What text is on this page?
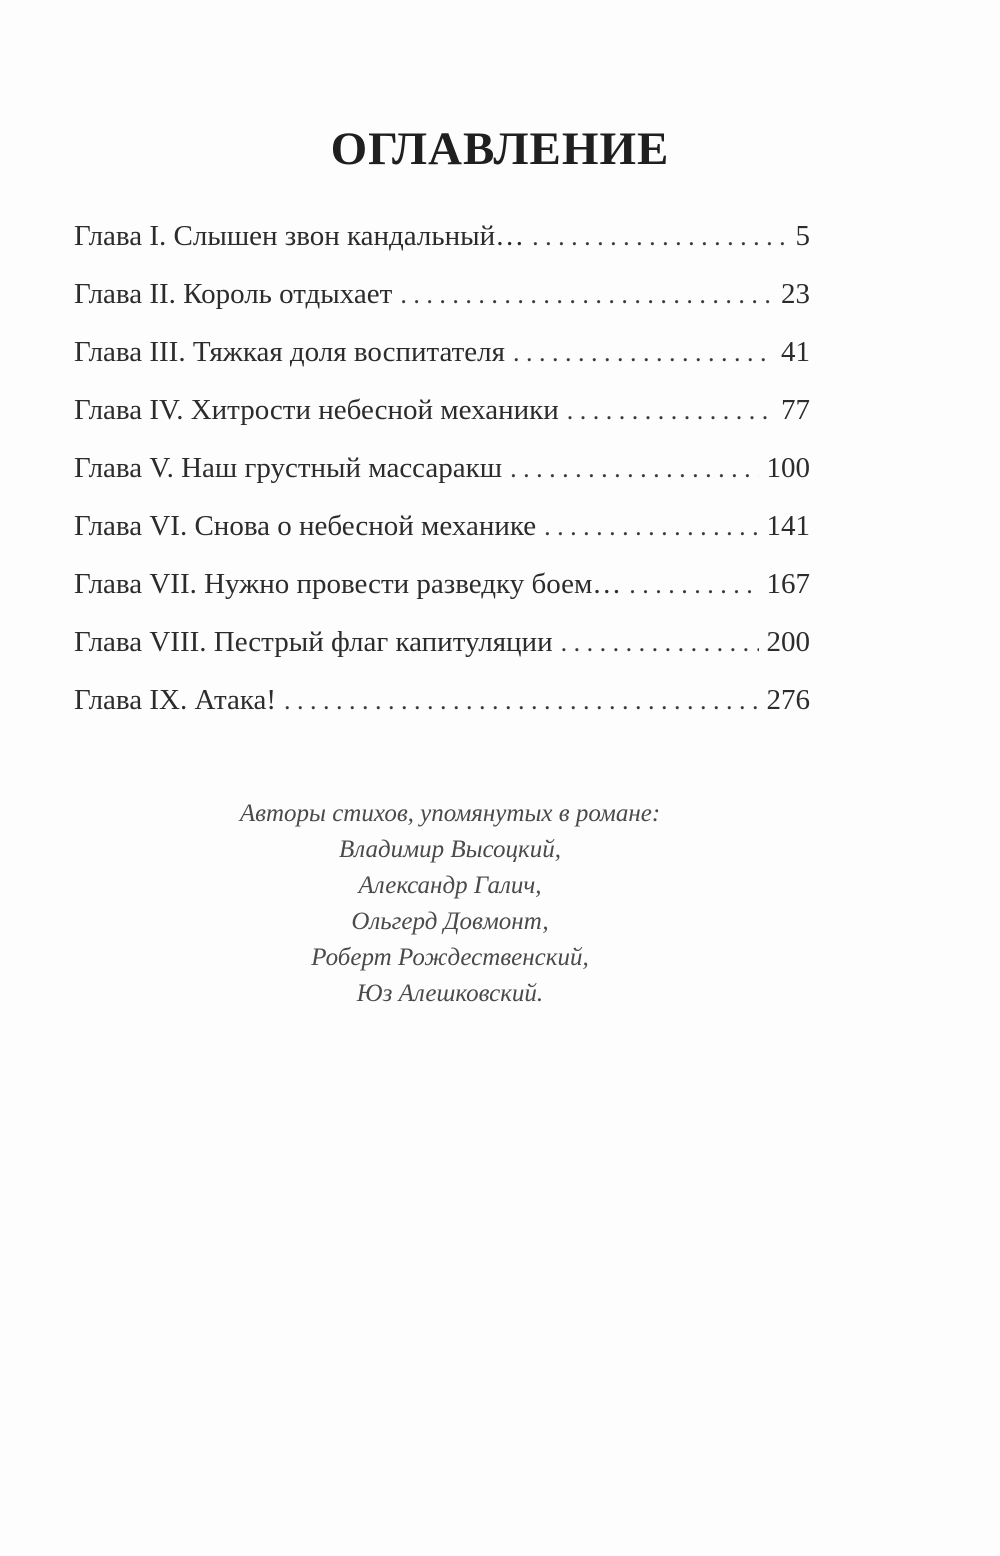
ОГЛАВЛЕНИЕ
Глава I. Слышен звон кандальный… . . .	5
Глава II. Король отдыхает . . .	23
Глава III. Тяжкая доля воспитателя . . .	41
Глава IV. Хитрости небесной механики . . .	77
Глава V. Наш грустный массаракш . . .	100
Глава VI. Снова о небесной механике . . .	141
Глава VII. Нужно провести разведку боем… . . .	167
Глава VIII. Пестрый флаг капитуляции . . .	200
Глава IX. Атака! . . .	276
Авторы стихов, упомянутых в романе:
Владимир Высоцкий,
Александр Галич,
Ольгерд Довмонт,
Роберт Рождественский,
Юз Алешковский.
